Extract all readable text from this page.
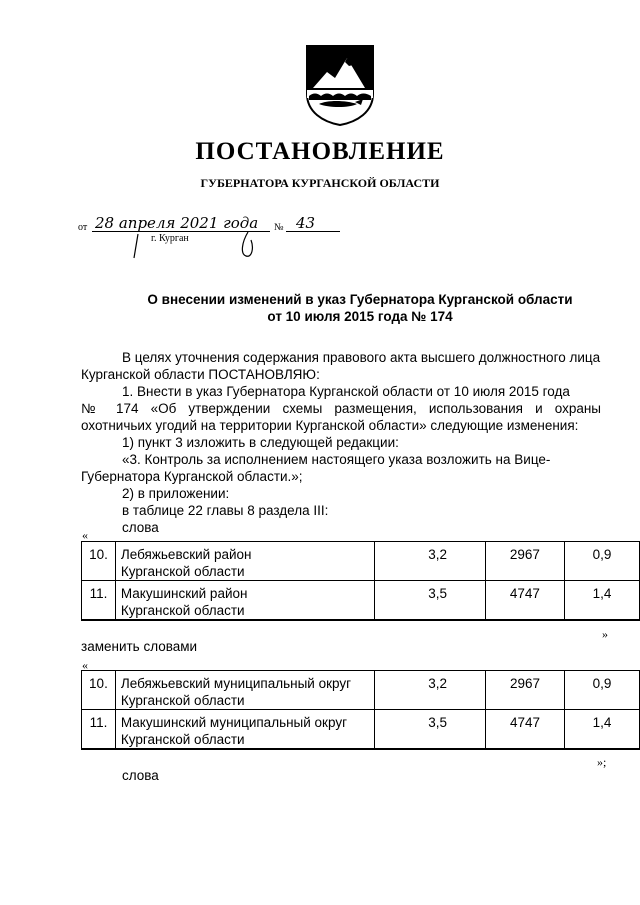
ПОСТАНОВЛЕНИЕ
ГУБЕРНАТОРА КУРГАНСКОЙ ОБЛАСТИ
от 28 апреля 2021 года № 43
г. Курган
О внесении изменений в указ Губернатора Курганской области
от 10 июля 2015 года № 174
В целях уточнения содержания правового акта высшего должностного лица
Курганской области ПОСТАНОВЛЯЮ:
1. Внести в указ Губернатора Курганской области от 10 июля 2015 года
№ 174 «Об утверждении схемы размещения, использования и охраны
охотничьих угодий на территории Курганской области» следующие изменения:
1) пункт 3 изложить в следующей редакции:
«3. Контроль за исполнением настоящего указа возложить на Вице-
Губернатора Курганской области.»;
2) в приложении:
в таблице 22 главы 8 раздела III:
слова
«
10.	Лебяжьевский район
Курганской области	3,2	2967	0,9
11.	Макушинский район
Курганской области	3,5	4747	1,4
»
заменить словами
«
10.	Лебяжьевский муниципальный округ
Курганской области	3,2	2967	0,9
11.	Макушинский муниципальный округ
Курганской области	3,5	4747	1,4
»;
слова
